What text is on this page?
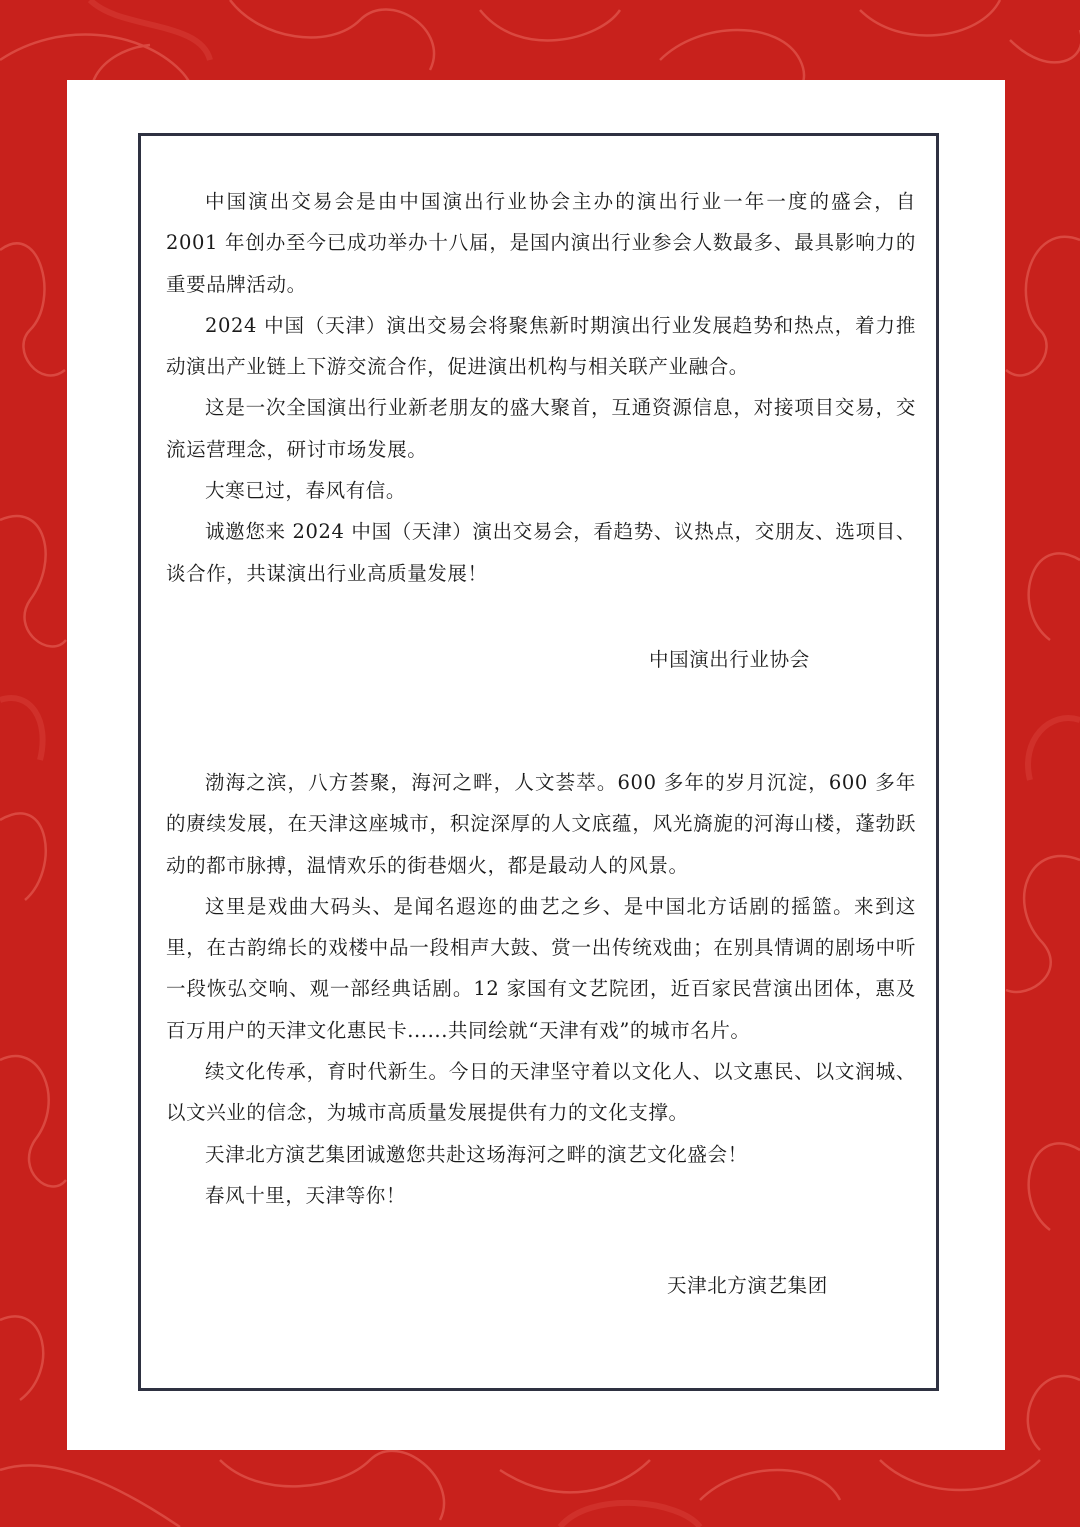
中国演出交易会是由中国演出行业协会主办的演出行业一年一度的盛会，自2001 年创办至今已成功举办十八届，是国内演出行业参会人数最多、最具影响力的重要品牌活动。

2024 中国（天津）演出交易会将聚焦新时期演出行业发展趋势和热点，着力推动演出产业链上下游交流合作，促进演出机构与相关联产业融合。

这是一次全国演出行业新老朋友的盛大聚首，互通资源信息，对接项目交易，交流运营理念，研讨市场发展。

大寒已过，春风有信。

诚邀您来 2024 中国（天津）演出交易会，看趋势、议热点，交朋友、选项目、谈合作，共谋演出行业高质量发展！

中国演出行业协会

渤海之滨，八方荟聚，海河之畔，人文荟萃。600 多年的岁月沉淀，600 多年的赓续发展，在天津这座城市，积淀深厚的人文底蕴，风光旖旎的河海山楼，蓬勃跃动的都市脉搏，温情欢乐的街巷烟火，都是最动人的风景。

这里是戏曲大码头、是闻名遐迩的曲艺之乡、是中国北方话剧的摇篮。来到这里，在古韵绵长的戏楼中品一段相声大鼓、赏一出传统戏曲；在别具情调的剧场中听一段恢弘交响、观一部经典话剧。12 家国有文艺院团，近百家民营演出团体，惠及百万用户的天津文化惠民卡......共同绘就“天津有戏”的城市名片。

续文化传承，育时代新生。今日的天津坚守着以文化人、以文惠民、以文润城、以文兴业的信念，为城市高质量发展提供有力的文化支撑。

天津北方演艺集团诚邀您共赴这场海河之畔的演艺文化盛会！

春风十里，天津等你！

天津北方演艺集团
